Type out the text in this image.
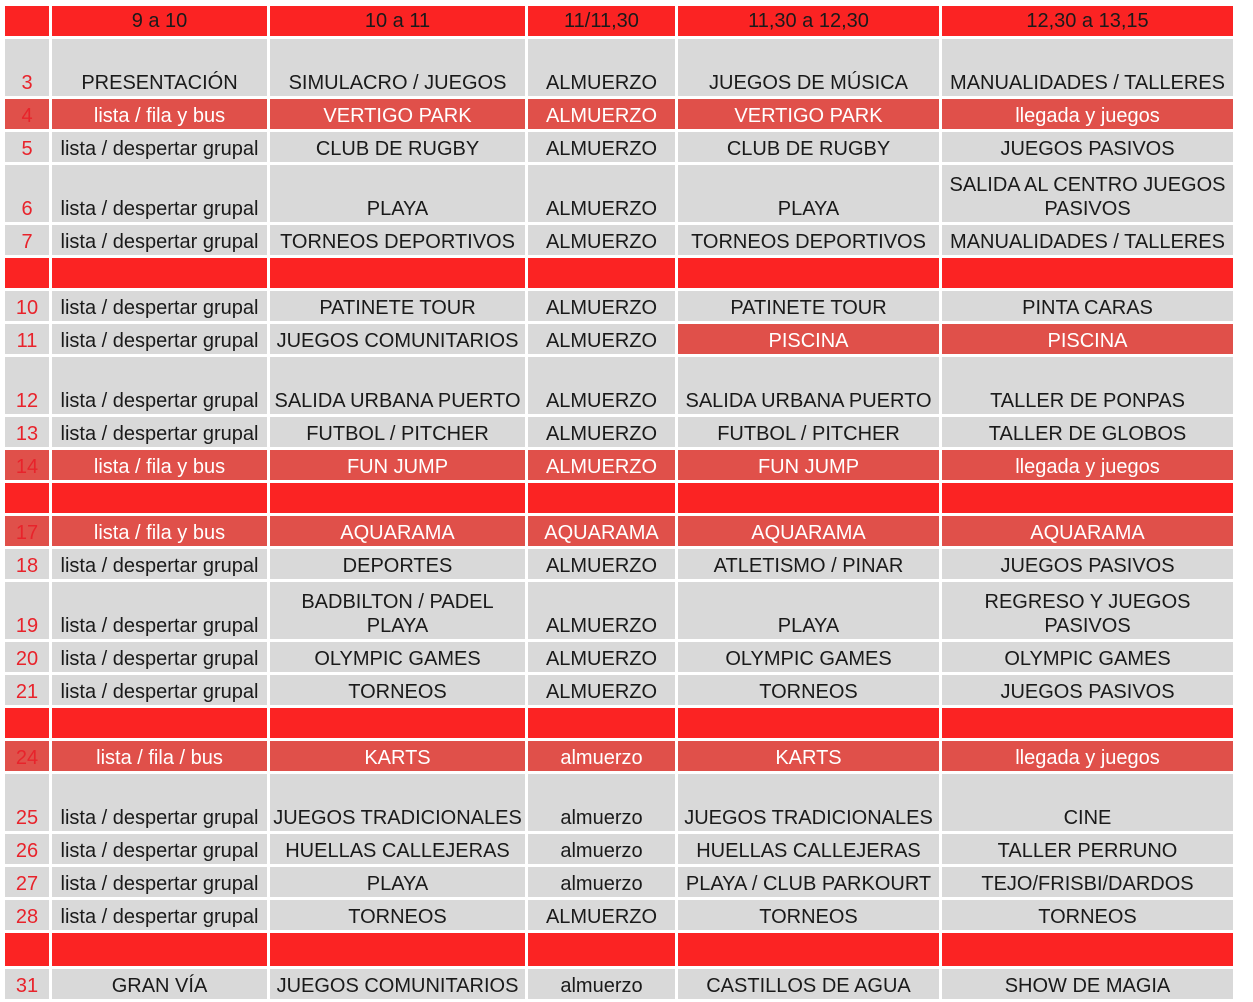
	9 a 10	10 a 11	11/11,30	11,30 a 12,30	12,30 a 13,15
3	PRESENTACIÓN	SIMULACRO / JUEGOS	ALMUERZO	JUEGOS DE MÚSICA	MANUALIDADES / TALLERES
4	lista / fila y bus	VERTIGO PARK	ALMUERZO	VERTIGO PARK	llegada y juegos
5	lista / despertar grupal	CLUB DE RUGBY	ALMUERZO	CLUB DE RUGBY	JUEGOS PASIVOS
6	lista / despertar grupal	PLAYA	ALMUERZO	PLAYA	SALIDA AL CENTRO JUEGOS PASIVOS
7	lista / despertar grupal	TORNEOS DEPORTIVOS	ALMUERZO	TORNEOS DEPORTIVOS	MANUALIDADES / TALLERES

10	lista / despertar grupal	PATINETE TOUR	ALMUERZO	PATINETE TOUR	PINTA CARAS
11	lista / despertar grupal	JUEGOS COMUNITARIOS	ALMUERZO	PISCINA	PISCINA
12	lista / despertar grupal	SALIDA URBANA PUERTO	ALMUERZO	SALIDA URBANA PUERTO	TALLER DE PONPAS
13	lista / despertar grupal	FUTBOL / PITCHER	ALMUERZO	FUTBOL / PITCHER	TALLER DE GLOBOS
14	lista / fila y bus	FUN JUMP	ALMUERZO	FUN JUMP	llegada y juegos

17	lista / fila y bus	AQUARAMA	AQUARAMA	AQUARAMA	AQUARAMA
18	lista / despertar grupal	DEPORTES	ALMUERZO	ATLETISMO / PINAR	JUEGOS PASIVOS
19	lista / despertar grupal	BADBILTON / PADEL PLAYA	ALMUERZO	PLAYA	REGRESO Y JUEGOS PASIVOS
20	lista / despertar grupal	OLYMPIC GAMES	ALMUERZO	OLYMPIC GAMES	OLYMPIC GAMES
21	lista / despertar grupal	TORNEOS	ALMUERZO	TORNEOS	JUEGOS PASIVOS

24	lista / fila / bus	KARTS	almuerzo	KARTS	llegada y juegos
25	lista / despertar grupal	JUEGOS TRADICIONALES	almuerzo	JUEGOS TRADICIONALES	CINE
26	lista / despertar grupal	HUELLAS CALLEJERAS	almuerzo	HUELLAS CALLEJERAS	TALLER PERRUNO
27	lista / despertar grupal	PLAYA	almuerzo	PLAYA / CLUB PARKOURT	TEJO/FRISBI/DARDOS
28	lista / despertar grupal	TORNEOS	ALMUERZO	TORNEOS	TORNEOS

31	GRAN VÍA	JUEGOS COMUNITARIOS	almuerzo	CASTILLOS DE AGUA	SHOW DE MAGIA
